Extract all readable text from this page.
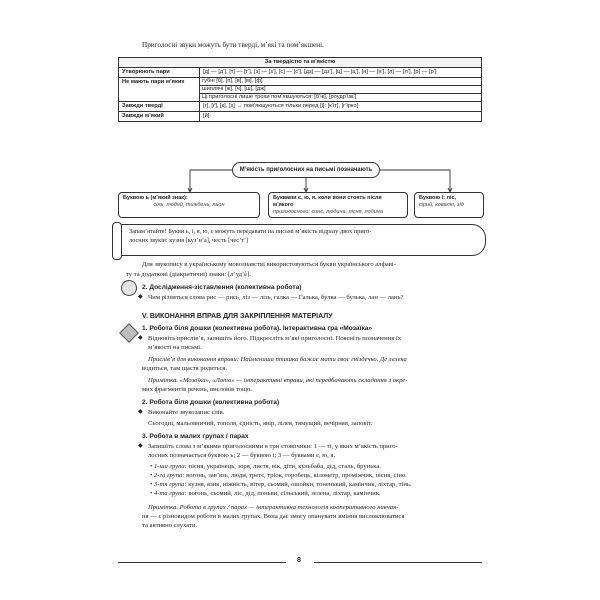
Приголосні звуки можуть бути тверді, м’які та пом’якшені.
За твердістю та м’якістю
Утворюють пари	[д] — [д’], [т] — [т’], [з] — [з’], [с] — [с’], [дз] — [дз’], [ц] — [ц’], [н] — [н’], [л] — [л’], [р] — [р’]
Не мають пари м’яких		губні [б], [п], [в], [м], [ф]
шиплячі [ж], [ч], [ш], [дж]
Ці приголосні лише трохи пом’якшуються: [б’ік], [роудр’ізк’]

Завжди тверді	[г], [ґ], [к], [х] → пом’якшуються тільки перед [і]: [к’іт], [г’ірко]
Завжди м’який	[й]
М’якість приголосних на письмі позначають
Буквою ь (м’який знак):
сіль, люднй, тиждень, льон
Буквами є, ю, я, коли вони стоять після м’якого
приголосного: синє, людина, пісня, подина
Буквою і: ліс,
сірий, ковалія, зід
Запам’ятайте! Букви ь, і, я, ю, є можуть передавати на письмі м’якість відразу двох приго-
лосних звуків: кузня [куз’н’а], честь [чес’т’]
Для звукопису в українському мовознавстві використовуються букви українського алфаві-
ту та додаткові (діакритичні) знаки: [л’уд’ѐ].
2. Дослідження-зіставлення (колективна робота)
◆ Чим різняться слова рис — рись, ліз — лізь, галка — Галька, булка — булька, лан — лань?
V. ВИКОНАННЯ ВПРАВ ДЛЯ ЗАКРІПЛЕННЯ МАТЕРІАЛУ
1. Робота біля дошки (колективна робота). Інтерактивна гра «Мозаїка»
◆ Відновіть прислів’я, запишіть його. Підкресліть м’які приголосні. Поясніть позначення їх
м’якості на письмі.
Прислів’я для виконання вправи: Наймениша пташка бажає мати своє гніздечко. Де лелека
водиться, там щастя родиться.
Примітка. «Мозаїка», «Лото» — інтерактивні вправи, які передбачають складання з окре-
мих фрагментів речень, висловів тощо.
2. Робота біля дошки (колективна робота)
◆ Виконайте звукозапис слів.
Сьогодні, мальовничий, тополя, єдність, явір, лілея, тямущий, вечірняя, заповіт.
3. Робота в малих групах / парах
◆ Запишіть слова з м’якими приголосними в три стовпчики: 1 — ті, у яких м’якість приго-
лосних позначається буквою ь; 2 — буквою і; 3 — буквами є, ю, я.
• 1-ша група: пісня, українець, зоря, листя, вік, діти, кульбаба, дід, сталь, брунька.
• 2-га група: вогонь, зав’язь, люди, третє, тріок, горобець, кілометр, проміжчик, пісня, сіно.
• 3-тя група: кузня, язик, ніжність, вітер, сьомий, ошойки, тоненький, камінчик, ліхтар, тінь.
• 4-та група: вогонь, сьомий, ліс, дід, поньви, сільський, зелена, ліхтар, камінчик.
Примітка. Робота в групах / парах — інтерактивна технологія кооперативного навчан-
ня — є різновидом роботи в малих групах. Вона дає змогу опанувати вміння висловлюватися
та активно слухати.
8
